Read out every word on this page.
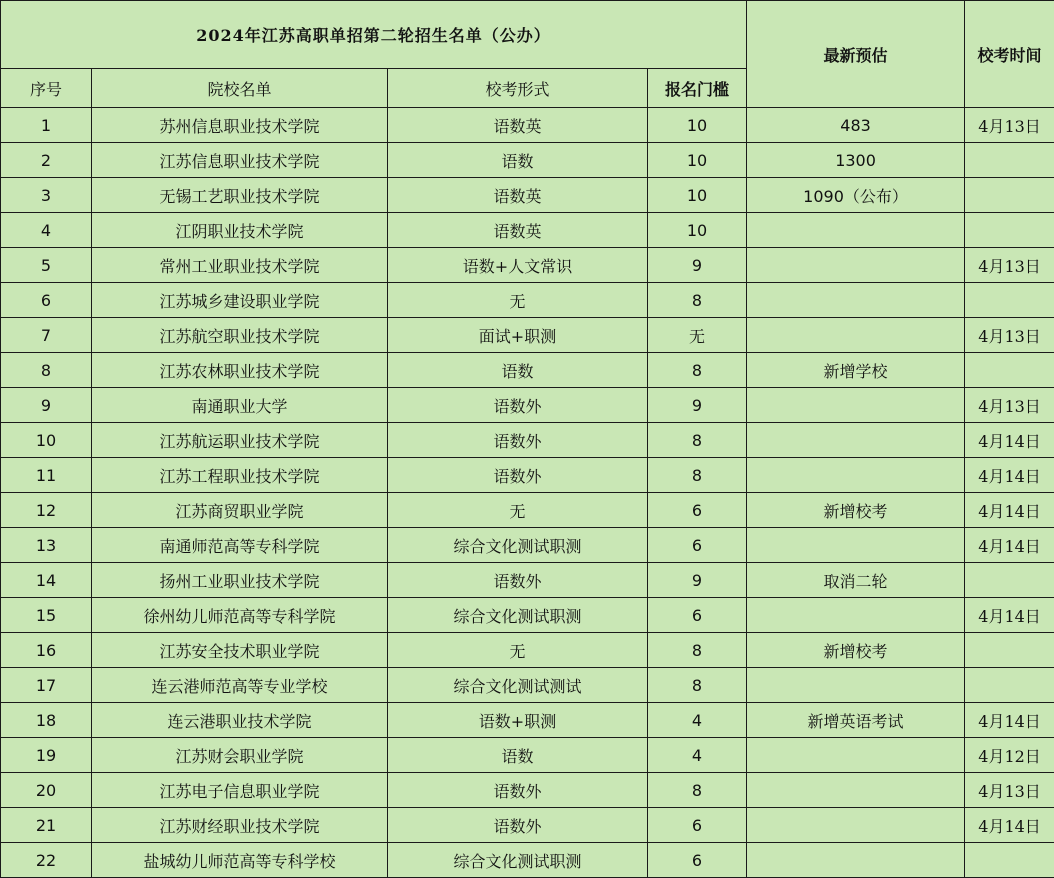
2024年江苏高职单招第二轮招生名单（公办）				最新预估	校考时间
序号	院校名单	校考形式	报名门槛		
1	苏州信息职业技术学院	语数英	10	483	4月13日
2	江苏信息职业技术学院	语数	10	1300	
3	无锡工艺职业技术学院	语数英	10	1090（公布）	
4	江阴职业技术学院	语数英	10		
5	常州工业职业技术学院	语数+人文常识	9		4月13日
6	江苏城乡建设职业学院	无	8		
7	江苏航空职业技术学院	面试+职测	无		4月13日
8	江苏农林职业技术学院	语数	8	新增学校	
9	南通职业大学	语数外	9		4月13日
10	江苏航运职业技术学院	语数外	8		4月14日
11	江苏工程职业技术学院	语数外	8		4月14日
12	江苏商贸职业学院	无	6	新增校考	4月14日
13	南通师范高等专科学院	综合文化测试职测	6		4月14日
14	扬州工业职业技术学院	语数外	9	取消二轮	
15	徐州幼儿师范高等专科学院	综合文化测试职测	6		4月14日
16	江苏安全技术职业学院	无	8	新增校考	
17	连云港师范高等专业学校	综合文化测试测试	8		
18	连云港职业技术学院	语数+职测	4	新增英语考试	4月14日
19	江苏财会职业学院	语数	4		4月12日
20	江苏电子信息职业学院	语数外	8		4月13日
21	江苏财经职业技术学院	语数外	6		4月14日
22	盐城幼儿师范高等专科学校	综合文化测试职测	6		
